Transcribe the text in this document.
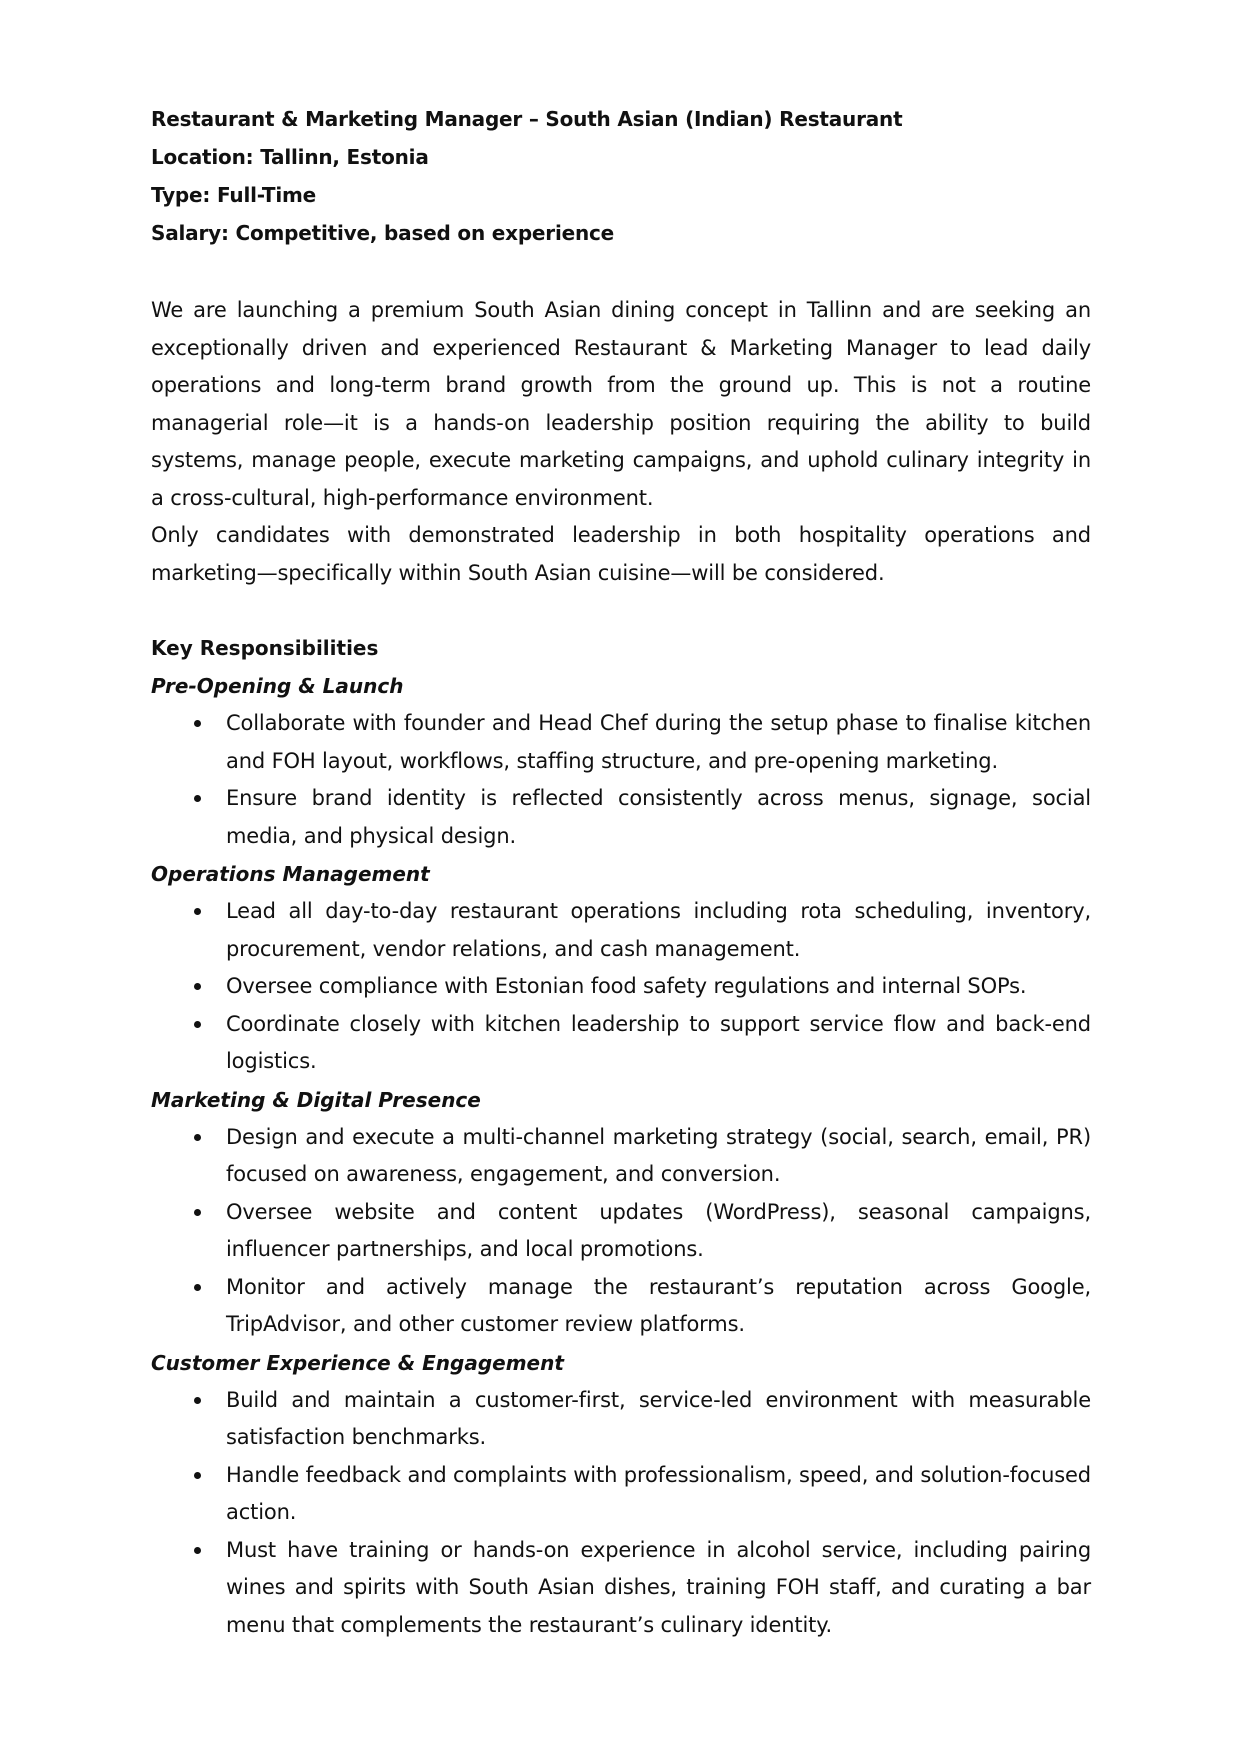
Restaurant & Marketing Manager – South Asian (Indian) Restaurant
Location: Tallinn, Estonia
Type: Full-Time
Salary: Competitive, based on experience

We are launching a premium South Asian dining concept in Tallinn and are seeking an exceptionally driven and experienced Restaurant & Marketing Manager to lead daily operations and long-term brand growth from the ground up. This is not a routine managerial role—it is a hands-on leadership position requiring the ability to build systems, manage people, execute marketing campaigns, and uphold culinary integrity in a cross-cultural, high-performance environment.

Only candidates with demonstrated leadership in both hospitality operations and marketing—specifically within South Asian cuisine—will be considered.

Key Responsibilities
Pre-Opening & Launch
Collaborate with founder and Head Chef during the setup phase to finalise kitchen and FOH layout, workflows, staffing structure, and pre-opening marketing.
Ensure brand identity is reflected consistently across menus, signage, social media, and physical design.
Operations Management
Lead all day-to-day restaurant operations including rota scheduling, inventory, procurement, vendor relations, and cash management.
Oversee compliance with Estonian food safety regulations and internal SOPs.
Coordinate closely with kitchen leadership to support service flow and back-end logistics.
Marketing & Digital Presence
Design and execute a multi-channel marketing strategy (social, search, email, PR) focused on awareness, engagement, and conversion.
Oversee website and content updates (WordPress), seasonal campaigns, influencer partnerships, and local promotions.
Monitor and actively manage the restaurant’s reputation across Google, TripAdvisor, and other customer review platforms.
Customer Experience & Engagement
Build and maintain a customer-first, service-led environment with measurable satisfaction benchmarks.
Handle feedback and complaints with professionalism, speed, and solution-focused action.
Must have training or hands-on experience in alcohol service, including pairing wines and spirits with South Asian dishes, training FOH staff, and curating a bar menu that complements the restaurant’s culinary identity.
